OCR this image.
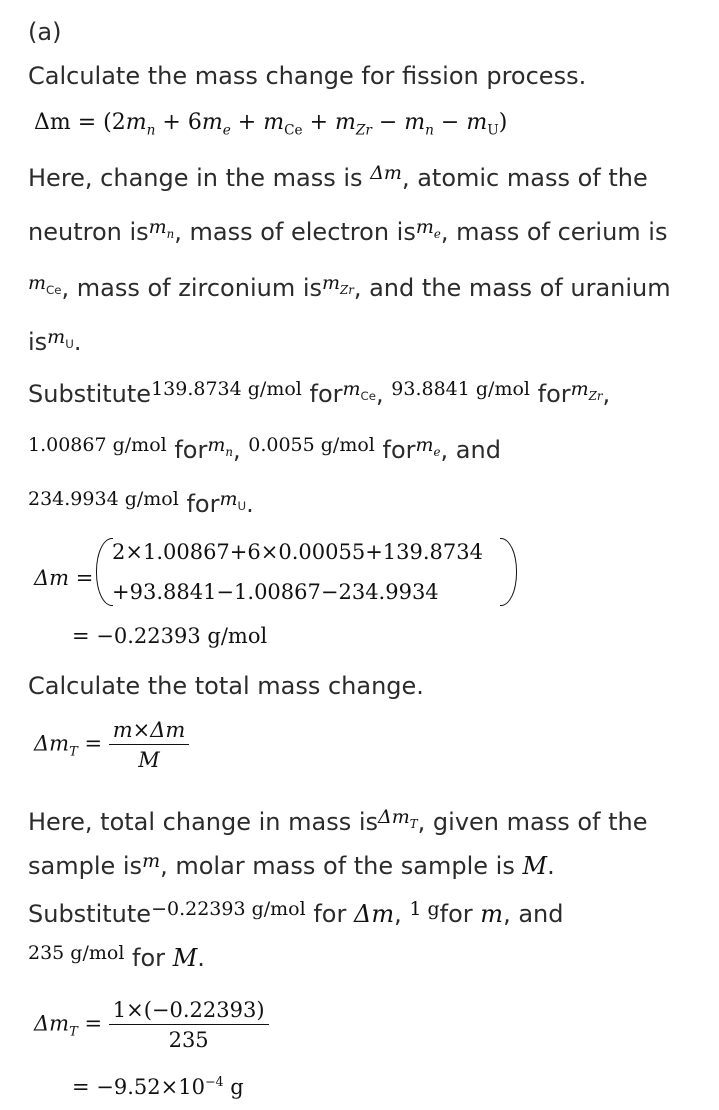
(a)
Calculate the mass change for fission process.
$\Delta m = (2m_n + 6m_e + m_{Ce} + m_{Zr} - m_n - m_U)$
Here, change in the mass is $^{\Delta m}$, atomic mass of the
neutron $is^{m_n}$, mass of electron $is^{m_e}$, mass of cerium is
$^{m_{Ce}}$, mass of zirconium $is^{m_{Zr}}$, and the mass of uranium
$is^{m_U}$.
Substitute$^{139.8734 g/mol}$ for$^{m_{Ce}}$, $^{93.8841 g/mol}$ for$^{m_{Zr}}$,
$^{1.00867 g/mol}$ for$^{m_n}$, $^{0.0055 g/mol}$ for$^{m_e}$, and
$^{234.9934 g/mol}$ for$^{m_U}$.
Δm =
2×1.00867+6×0.00055+139.8734
+93.8841−1.00867−234.9934
= −0.22393 g/mol
Calculate the total mass change.
$\Delta m_T = \frac{m\times\Delta m}{M}$
Here, total change in mass $is^{\Delta m_T}$, given mass of the
sample $is^m$, molar mass of the sample is M.
Substitute$^{-0.22393 g/mol}$ for Δm, $^{1 g}$for m, and
$^{235 g/mol}$ for M.
$\Delta m_T = \frac{1\times(-0.22393)}{235}$
= $-9.52\times 10^{-4}$ g
